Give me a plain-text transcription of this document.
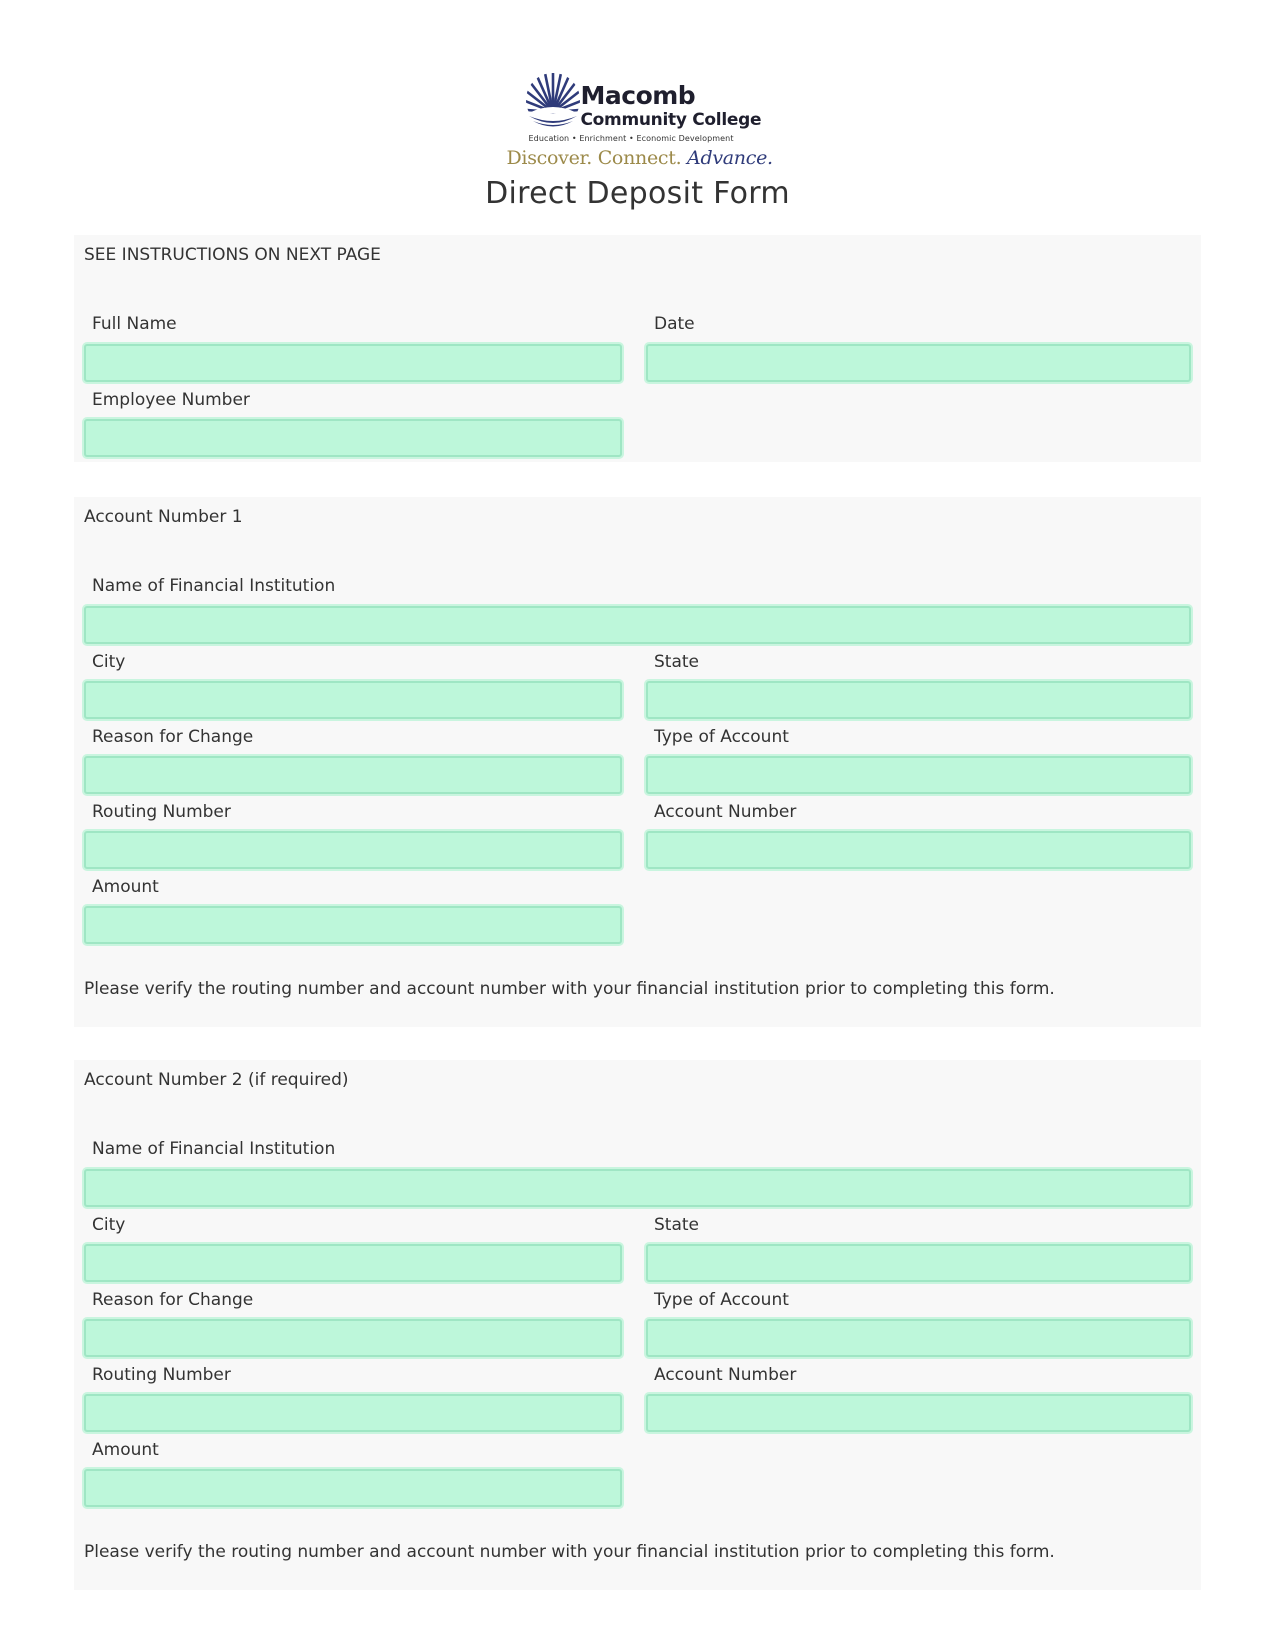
Macomb
Community College
Education • Enrichment • Economic Development
Discover. Connect. Advance.
Direct Deposit Form
SEE INSTRUCTIONS ON NEXT PAGE
Full Name	Date
Employee Number
Account Number 1
Name of Financial Institution
City	State
Reason for Change	Type of Account
Routing Number	Account Number
Amount
Please verify the routing number and account number with your financial institution prior to completing this form.
Account Number 2 (if required)
Name of Financial Institution
City	State
Reason for Change	Type of Account
Routing Number	Account Number
Amount
Please verify the routing number and account number with your financial institution prior to completing this form.
